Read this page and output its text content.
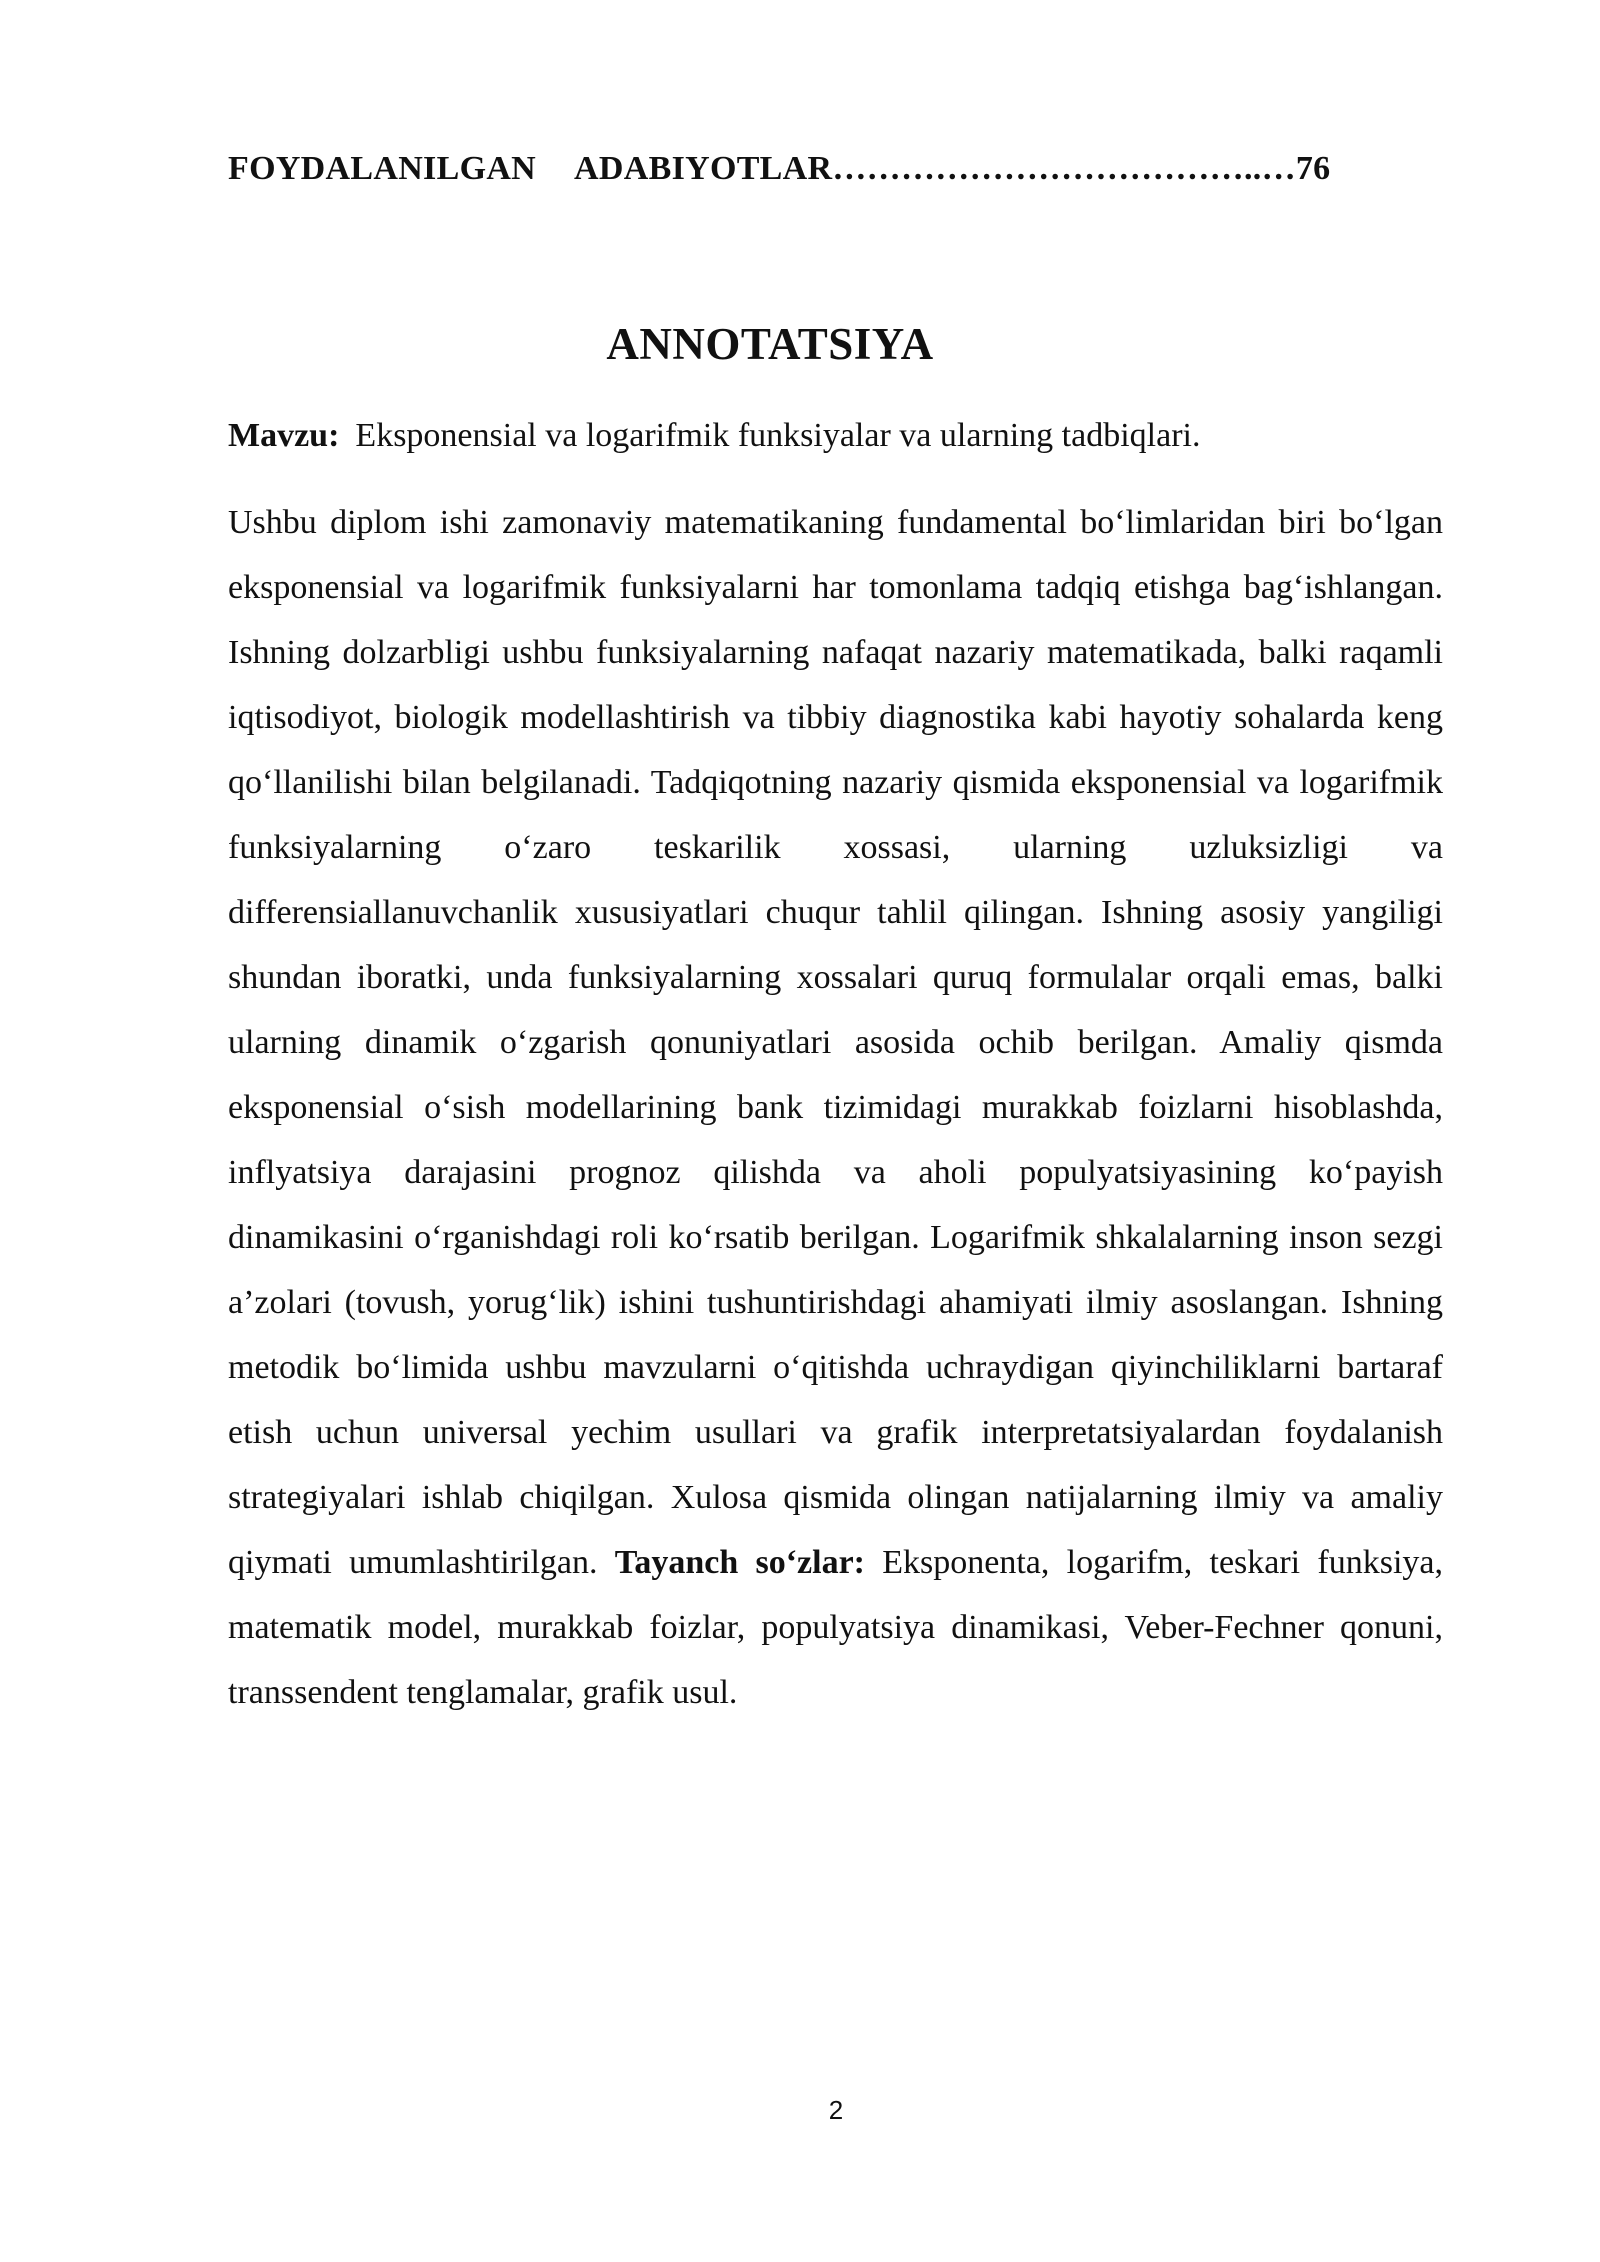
FOYDALANILGAN ADABIYOTLAR………………………………..…76
ANNOTATSIYA
Mavzu: Eksponensial va logarifmik funksiyalar va ularning tadbiqlari.
Ushbu diplom ishi zamonaviy matematikaning fundamental bo‘limlaridan biri bo‘lgan eksponensial va logarifmik funksiyalarni har tomonlama tadqiq etishga bag‘ishlangan. Ishning dolzarbligi ushbu funksiyalarning nafaqat nazariy matematikada, balki raqamli iqtisodiyot, biologik modellashtirish va tibbiy diagnostika kabi hayotiy sohalarda keng qo‘llanilishi bilan belgilanadi. Tadqiqotning nazariy qismida eksponensial va logarifmik funksiyalarning o‘zaro teskarilik xossasi, ularning uzluksizligi va differensiallanuvchanlik xususiyatlari chuqur tahlil qilingan. Ishning asosiy yangiligi shundan iboratki, unda funksiyalarning xossalari quruq formulalar orqali emas, balki ularning dinamik o‘zgarish qonuniyatlari asosida ochib berilgan. Amaliy qismda eksponensial o‘sish modellarining bank tizimidagi murakkab foizlarni hisoblashda, inflyatsiya darajasini prognoz qilishda va aholi populyatsiyasining ko‘payish dinamikasini o‘rganishdagi roli ko‘rsatib berilgan. Logarifmik shkalalarning inson sezgi a’zolari (tovush, yorug‘lik) ishini tushuntirishdagi ahamiyati ilmiy asoslangan. Ishning metodik bo‘limida ushbu mavzularni o‘qitishda uchraydigan qiyinchiliklarni bartaraf etish uchun universal yechim usullari va grafik interpretatsiyalardan foydalanish strategiyalari ishlab chiqilgan. Xulosa qismida olingan natijalarning ilmiy va amaliy qiymati umumlashtirilgan. Tayanch so‘zlar: Eksponenta, logarifm, teskari funksiya, matematik model, murakkab foizlar, populyatsiya dinamikasi, Veber-Fechner qonuni, transsendent tenglamalar, grafik usul.
2
